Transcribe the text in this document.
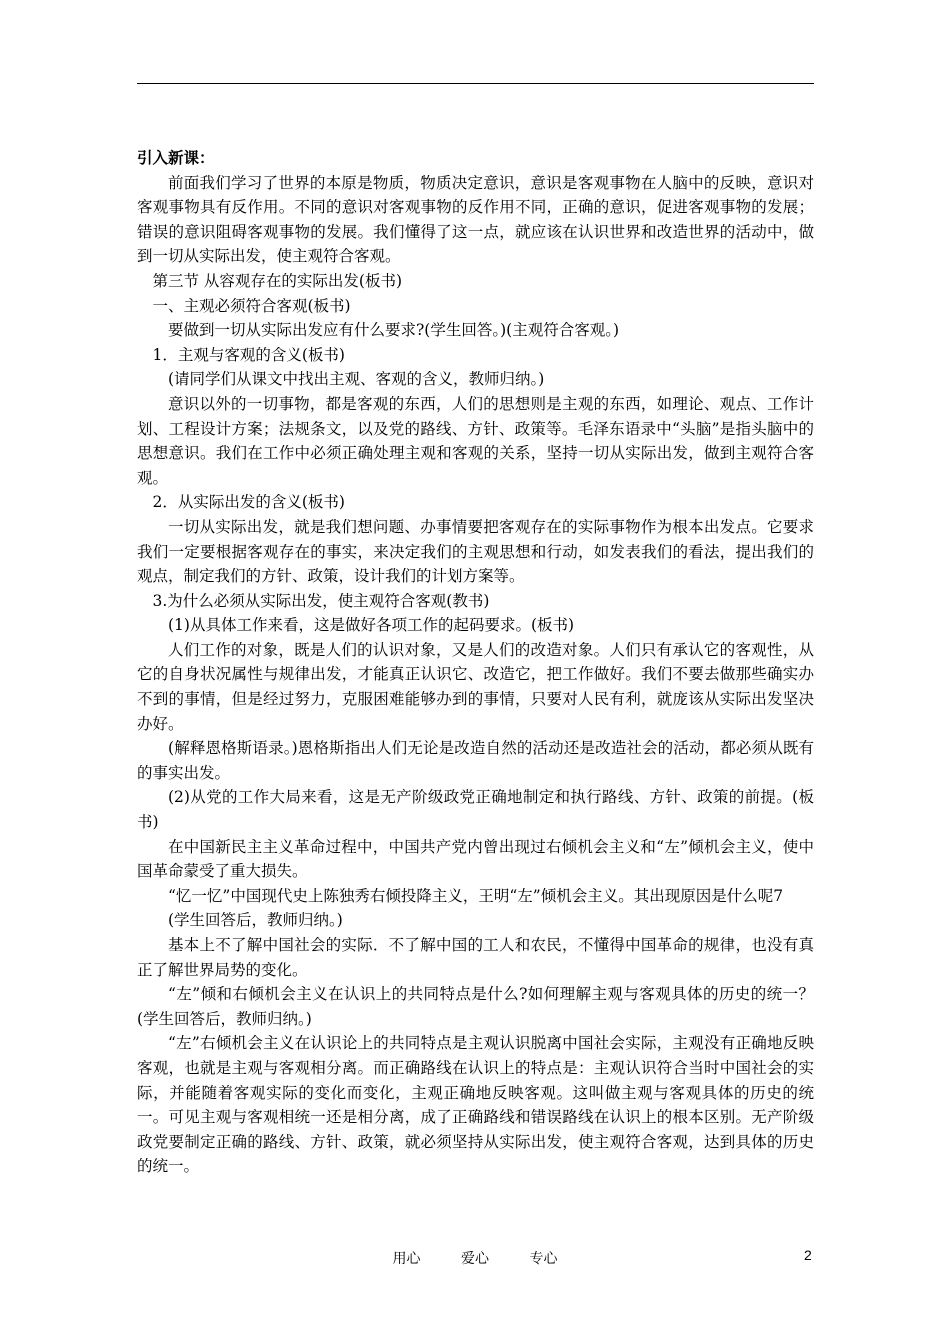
引入新课：

前面我们学习了世界的本原是物质，物质决定意识，意识是客观事物在人脑中的反映，意识对客观事物具有反作用。不同的意识对客观事物的反作用不同，正确的意识，促进客观事物的发展；错误的意识阻碍客观事物的发展。我们懂得了这一点，就应该在认识世界和改造世界的活动中，做到一切从实际出发，使主观符合客观。

第三节 从容观存在的实际出发(板书)

一、主观必须符合客观(板书)

要做到一切从实际出发应有什么要求?(学生回答。)(主观符合客观。)

1．主观与客观的含义(板书)

(请同学们从课文中找出主观、客观的含义，教师归纳。)

意识以外的一切事物，都是客观的东西，人们的思想则是主观的东西，如理论、观点、工作计划、工程设计方案；法规条文，以及党的路线、方针、政策等。毛泽东语录中“头脑”是指头脑中的思想意识。我们在工作中必须正确处理主观和客观的关系，坚持一切从实际出发，做到主观符合客观。

2．从实际出发的含义(板书)

一切从实际出发，就是我们想问题、办事情要把客观存在的实际事物作为根本出发点。它要求我们一定要根据客观存在的事实，来决定我们的主观思想和行动，如发表我们的看法，提出我们的观点，制定我们的方针、政策，设计我们的计划方案等。

3.为什么必须从实际出发，使主观符合客观(教书)

(1)从具体工作来看，这是做好各项工作的起码要求。(板书)

人们工作的对象，既是人们的认识对象，又是人们的改造对象。人们只有承认它的客观性，从它的自身状况属性与规律出发，才能真正认识它、改造它，把工作做好。我们不要去做那些确实办不到的事情，但是经过努力，克服困难能够办到的事情，只要对人民有利，就庞该从实际出发坚决办好。

(解释恩格斯语录。)恩格斯指出人们无论是改造自然的活动还是改造社会的活动，都必须从既有的事实出发。

(2)从党的工作大局来看，这是无产阶级政党正确地制定和执行路线、方针、政策的前提。(板书)

在中国新民主主义革命过程中，中国共产党内曾出现过右倾机会主义和“左”倾机会主义，使中国革命蒙受了重大损失。

“忆一忆”中国现代史上陈独秀右倾投降主义，王明“左”倾机会主义。其出现原因是什么呢7

(学生回答后，教师归纳。)

基本上不了解中国社会的实际．不了解中国的工人和农民，不懂得中国革命的规律，也没有真正了解世界局势的变化。

“左”倾和右倾机会主义在认识上的共同特点是什么?如何理解主观与客观具体的历史的统一？(学生回答后，教师归纳。)

“左”右倾机会主义在认识论上的共同特点是主观认识脱离中国社会实际，主观没有正确地反映客观，也就是主观与客观相分离。而正确路线在认识上的特点是：主观认识符合当时中国社会的实际，并能随着客观实际的变化而变化，主观正确地反映客观。这叫做主观与客观具体的历史的统一。可见主观与客观相统一还是相分离，成了正确路线和错误路线在认识上的根本区别。无产阶级政党要制定正确的路线、方针、政策，就必须坚持从实际出发，使主观符合客观，达到具体的历史的统一。

用心	爱心	专心	2
